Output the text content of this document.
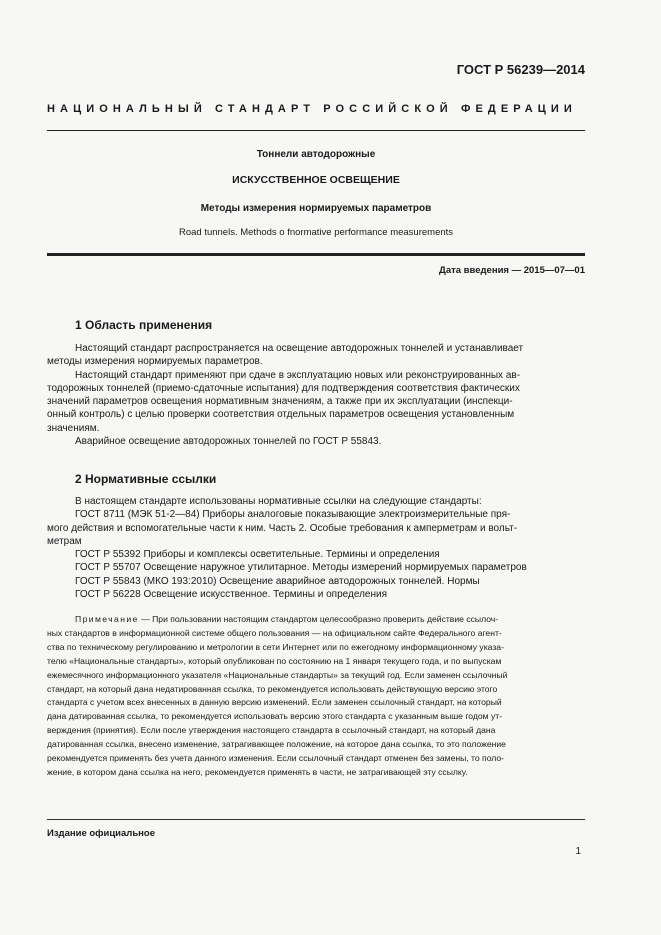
ГОСТ Р 56239—2014
НАЦИОНАЛЬНЫЙ СТАНДАРТ РОССИЙСКОЙ ФЕДЕРАЦИИ
Тоннели автодорожные
ИСКУССТВЕННОЕ ОСВЕЩЕНИЕ
Методы измерения нормируемых параметров
Road tunnels. Methods o fnormative performance measurements
Дата введения — 2015—07—01
1 Область применения
Настоящий стандарт распространяется на освещение автодорожных тоннелей и устанавливает
методы измерения нормируемых параметров.
Настоящий стандарт применяют при сдаче в эксплуатацию новых или реконструированных ав-
тодорожных тоннелей (приемо-сдаточные испытания) для подтверждения соответствия фактических
значений параметров освещения нормативным значениям, а также при их эксплуатации (инспекци-
онный контроль) с целью проверки соответствия отдельных параметров освещения установленным
значениям.
Аварийное освещение автодорожных тоннелей по ГОСТ Р 55843.
2 Нормативные ссылки
В настоящем стандарте использованы нормативные ссылки на следующие стандарты:
ГОСТ 8711 (МЭК 51-2—84) Приборы аналоговые показывающие электроизмерительные пря-
мого действия и вспомогательные части к ним. Часть 2. Особые требования к амперметрам и вольт-
метрам
ГОСТ Р 55392 Приборы и комплексы осветительные. Термины и определения
ГОСТ Р 55707 Освещение наружное утилитарное. Методы измерений нормируемых параметров
ГОСТ Р 55843 (МКО 193:2010) Освещение аварийное автодорожных тоннелей. Нормы
ГОСТ Р 56228 Освещение искусственное. Термины и определения
Примечание — При пользовании настоящим стандартом целесообразно проверить действие ссылоч-
ных стандартов в информационной системе общего пользования — на официальном сайте Федерального агент-
ства по техническому регулированию и метрологии в сети Интернет или по ежегодному информационному указа-
телю «Национальные стандарты», который опубликован по состоянию на 1 января текущего года, и по выпускам
ежемесячного информационного указателя «Национальные стандарты» за текущий год. Если заменен ссылочный
стандарт, на который дана недатированная ссылка, то рекомендуется использовать действующую версию этого
стандарта с учетом всех внесенных в данную версию изменений. Если заменен ссылочный стандарт, на который
дана датированная ссылка, то рекомендуется использовать версию этого стандарта с указанным выше годом ут-
верждения (принятия). Если после утверждения настоящего стандарта в ссылочный стандарт, на который дана
датированная ссылка, внесено изменение, затрагивающее положение, на которое дана ссылка, то это положение
рекомендуется применять без учета данного изменения. Если ссылочный стандарт отменен без замены, то поло-
жение, в котором дана ссылка на него, рекомендуется применять в части, не затрагивающей эту ссылку.
Издание официальное
1
